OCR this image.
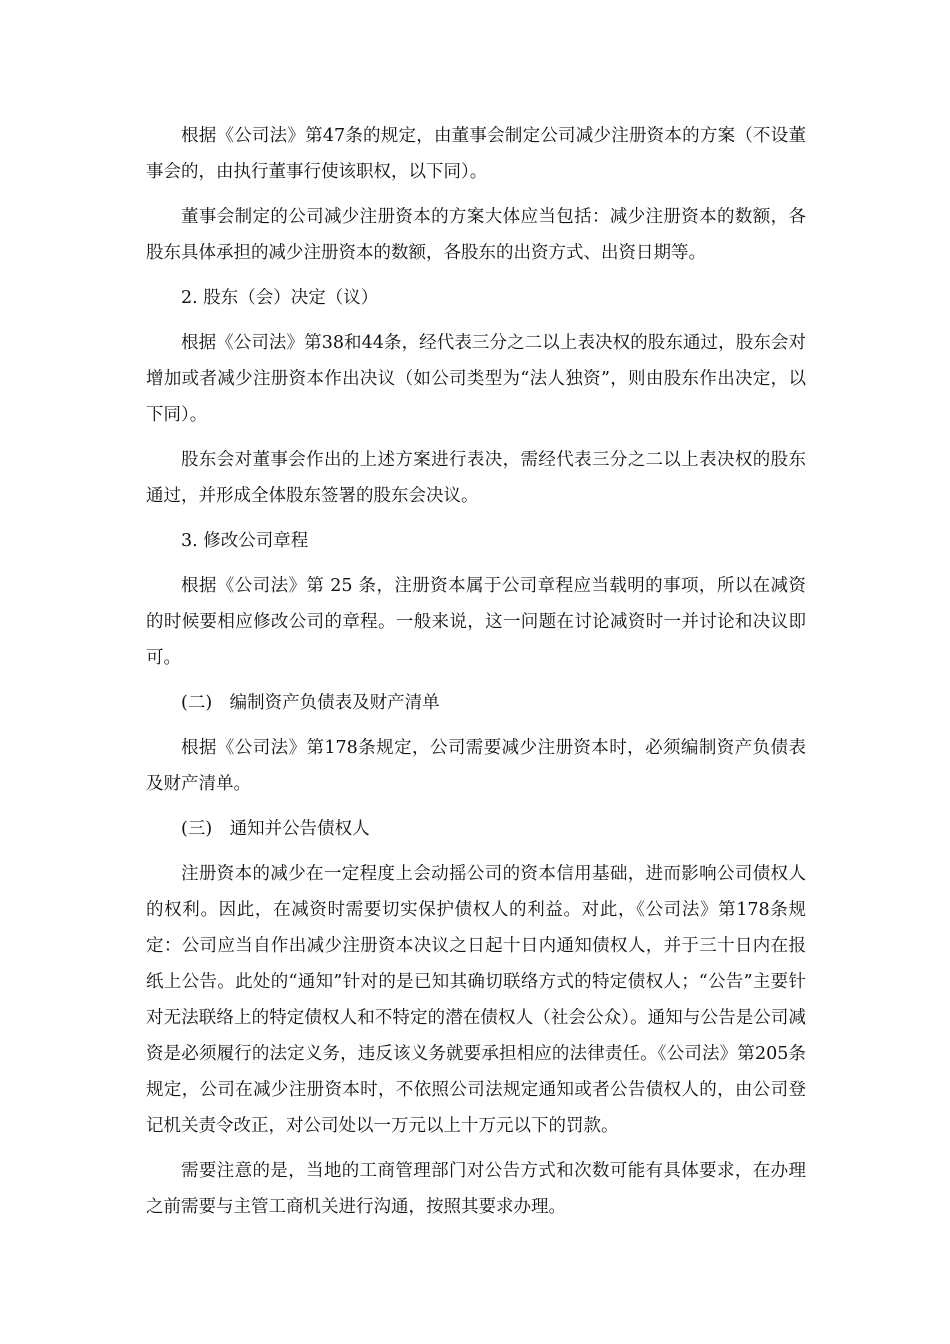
根据《公司法》第47条的规定，由董事会制定公司减少注册资本的方案（不设董事会的，由执行董事行使该职权，以下同）。

董事会制定的公司减少注册资本的方案大体应当包括：减少注册资本的数额，各股东具体承担的减少注册资本的数额，各股东的出资方式、出资日期等。

2. 股东（会）决定（议）

根据《公司法》第38和44条，经代表三分之二以上表决权的股东通过，股东会对增加或者减少注册资本作出决议（如公司类型为“法人独资”，则由股东作出决定，以下同）。

股东会对董事会作出的上述方案进行表决，需经代表三分之二以上表决权的股东通过，并形成全体股东签署的股东会决议。

3. 修改公司章程

根据《公司法》第 25 条，注册资本属于公司章程应当载明的事项，所以在减资的时候要相应修改公司的章程。一般来说，这一问题在讨论减资时一并讨论和决议即可。

(二)　编制资产负债表及财产清单

根据《公司法》第178条规定，公司需要减少注册资本时，必须编制资产负债表及财产清单。

(三)　通知并公告债权人

注册资本的减少在一定程度上会动摇公司的资本信用基础，进而影响公司债权人的权利。因此，在减资时需要切实保护债权人的利益。对此，《公司法》第178条规定：公司应当自作出减少注册资本决议之日起十日内通知债权人，并于三十日内在报纸上公告。此处的“通知”针对的是已知其确切联络方式的特定债权人；“公告”主要针对无法联络上的特定债权人和不特定的潜在债权人（社会公众）。通知与公告是公司减资是必须履行的法定义务，违反该义务就要承担相应的法律责任。《公司法》第205条规定，公司在减少注册资本时，不依照公司法规定通知或者公告债权人的，由公司登记机关责令改正，对公司处以一万元以上十万元以下的罚款。

需要注意的是，当地的工商管理部门对公告方式和次数可能有具体要求，在办理之前需要与主管工商机关进行沟通，按照其要求办理。
